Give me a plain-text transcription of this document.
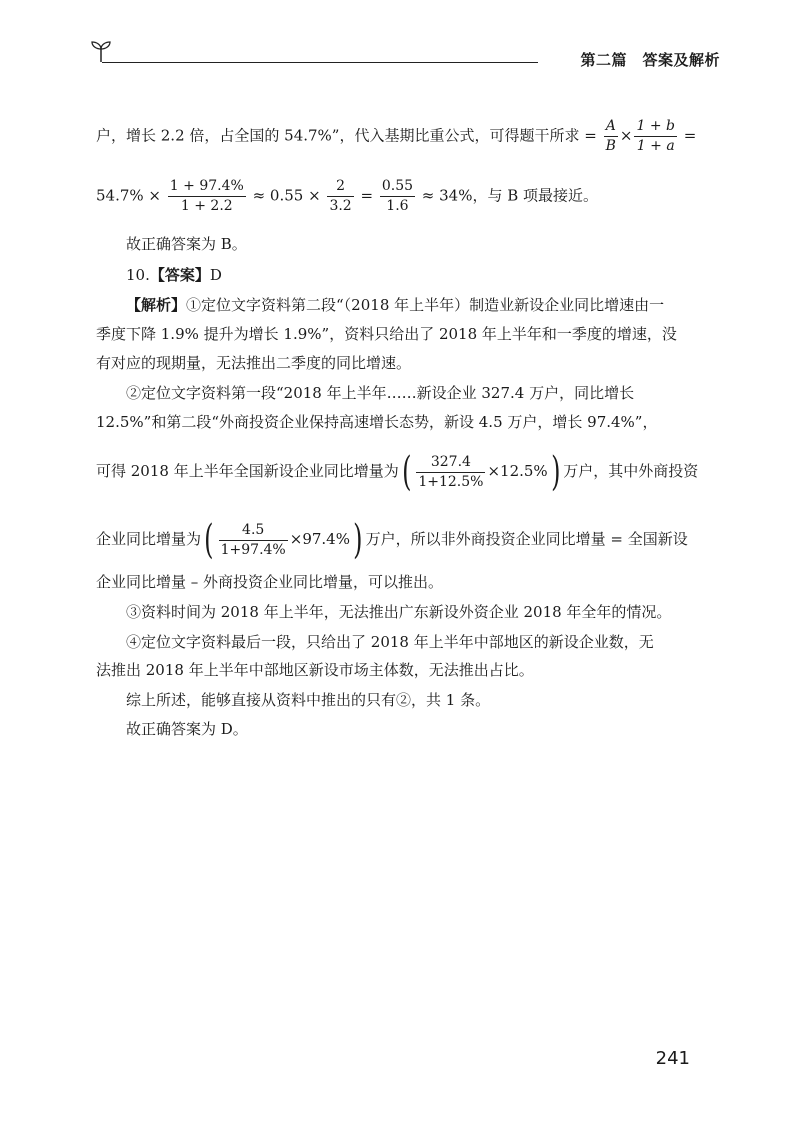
第二篇　答案及解析
户，增长 2.2 倍，占全国的 54.7%”，代入基期比重公式，可得题干所求 = $\frac{A}{B} \times \frac{1 + b}{1 + a}$ =
$54.7\% \times \frac{1 + 97.4\%}{1 + 2.2} \approx 0.55 \times \frac{2}{3.2} = \frac{0.55}{1.6} \approx 34\%$，与 B 项最接近。
故正确答案为 B。
10.【答案】D
【解析】①定位文字资料第二段“（2018 年上半年）制造业新设企业同比增速由一
季度下降 1.9% 提升为增长 1.9%”，资料只给出了 2018 年上半年和一季度的增速，没
有对应的现期量，无法推出二季度的同比增速。
②定位文字资料第一段“2018 年上半年……新设企业 327.4 万户，同比增长
12.5%”和第二段“外商投资企业保持高速增长态势，新设 4.5 万户，增长 97.4%”，
可得 2018 年上半年全国新设企业同比增量为( $\frac{327.4}{1+12.5\%} \times 12.5\%$) 万户，其中外商投资
企业同比增量为( $\frac{4.5}{1+97.4\%} \times 97.4\%$) 万户，所以非外商投资企业同比增量 = 全国新设
企业同比增量 – 外商投资企业同比增量，可以推出。
③资料时间为 2018 年上半年，无法推出广东新设外资企业 2018 年全年的情况。
④定位文字资料最后一段，只给出了 2018 年上半年中部地区的新设企业数，无
法推出 2018 年上半年中部地区新设市场主体数，无法推出占比。
综上所述，能够直接从资料中推出的只有②，共 1 条。
故正确答案为 D。
241
